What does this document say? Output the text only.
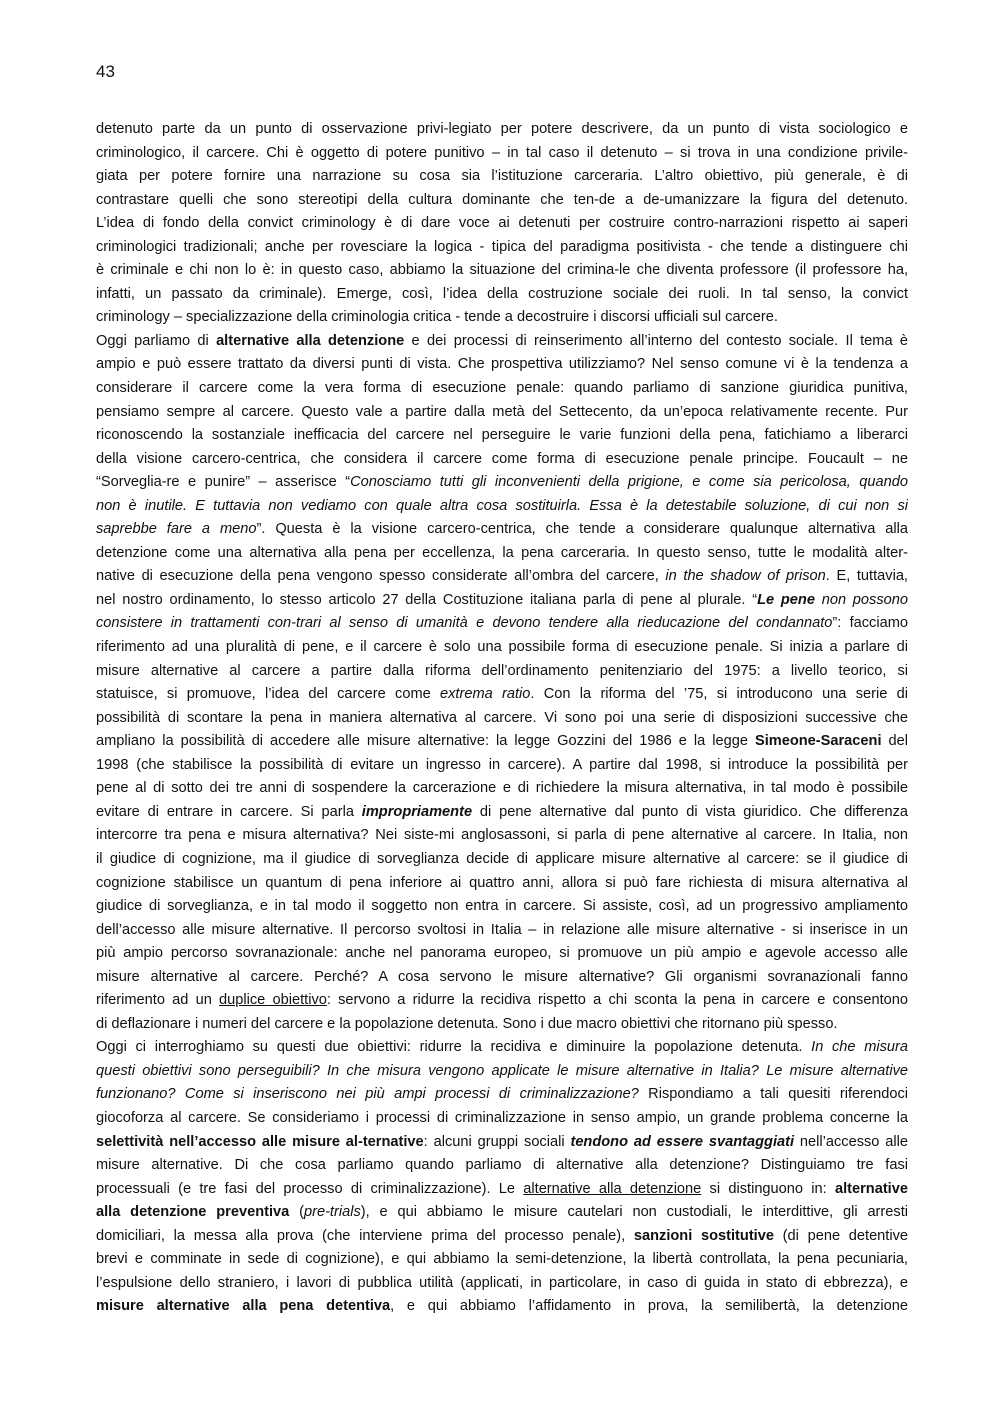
43
detenuto parte da un punto di osservazione privi-legiato per potere descrivere, da un punto di vista sociologico e
criminologico, il carcere. Chi è oggetto di potere punitivo – in tal caso il detenuto – si trova in una condizione privile-
giata per potere fornire una narrazione su cosa sia l’istituzione carceraria. L’altro obiettivo, più generale, è di
contrastare quelli che sono stereotipi della cultura dominante che ten-de a de-umanizzare la figura del detenuto.
L’idea di fondo della convict criminology è di dare voce ai detenuti per costruire contro-narrazioni rispetto ai saperi
criminologici tradizionali; anche per rovesciare la logica - tipica del paradigma positivista - che tende a distinguere chi
è criminale e chi non lo è: in questo caso, abbiamo la situazione del crimina-le che diventa professore (il professore ha,
infatti, un passato da criminale). Emerge, così, l’idea della costruzione sociale dei ruoli. In tal senso, la convict
criminology – specializzazione della criminologia critica - tende a decostruire i discorsi ufficiali sul carcere.
Oggi parliamo di alternative alla detenzione e dei processi di reinserimento all’interno del contesto sociale. Il tema è
ampio e può essere trattato da diversi punti di vista. Che prospettiva utilizziamo? Nel senso comune vi è la tendenza a
considerare il carcere come la vera forma di esecuzione penale: quando parliamo di sanzione giuridica punitiva,
pensiamo sempre al carcere. Questo vale a partire dalla metà del Settecento, da un’epoca relativamente recente. Pur
riconoscendo la sostanziale inefficacia del carcere nel perseguire le varie funzioni della pena, fatichiamo a liberarci
della visione carcero-centrica, che considera il carcere come forma di esecuzione penale principe. Foucault – ne
“Sorveglia-re e punire” – asserisce “Conosciamo tutti gli inconvenienti della prigione, e come sia pericolosa, quando
non è inutile. E tuttavia non vediamo con quale altra cosa sostituirla. Essa è la detestabile soluzione, di cui non si
saprebbe fare a meno”. Questa è la visione carcero-centrica, che tende a considerare qualunque alternativa alla
detenzione come una alternativa alla pena per eccellenza, la pena carceraria. In questo senso, tutte le modalità alter-
native di esecuzione della pena vengono spesso considerate all’ombra del carcere, in the shadow of prison. E, tuttavia,
nel nostro ordinamento, lo stesso articolo 27 della Costituzione italiana parla di pene al plurale. “Le pene non possono
consistere in trattamenti con-trari al senso di umanità e devono tendere alla rieducazione del condannato”: facciamo
riferimento ad una pluralità di pene, e il carcere è solo una possibile forma di esecuzione penale. Si inizia a parlare di
misure alternative al carcere a partire dalla riforma dell’ordinamento penitenziario del 1975: a livello teorico, si
statuisce, si promuove, l’idea del carcere come extrema ratio. Con la riforma del ’75, si introducono una serie di
possibilità di scontare la pena in maniera alternativa al carcere. Vi sono poi una serie di disposizioni successive che
ampliano la possibilità di accedere alle misure alternative: la legge Gozzini del 1986 e la legge Simeone-Saraceni del
1998 (che stabilisce la possibilità di evitare un ingresso in carcere). A partire dal 1998, si introduce la possibilità per
pene al di sotto dei tre anni di sospendere la carcerazione e di richiedere la misura alternativa, in tal modo è possibile
evitare di entrare in carcere. Si parla impropriamente di pene alternative dal punto di vista giuridico. Che differenza
intercorre tra pena e misura alternativa? Nei siste-mi anglosassoni, si parla di pene alternative al carcere. In Italia, non
il giudice di cognizione, ma il giudice di sorveglianza decide di applicare misure alternative al carcere: se il giudice di
cognizione stabilisce un quantum di pena inferiore ai quattro anni, allora si può fare richiesta di misura alternativa al
giudice di sorveglianza, e in tal modo il soggetto non entra in carcere. Si assiste, così, ad un progressivo ampliamento
dell’accesso alle misure alternative. Il percorso svoltosi in Italia – in relazione alle misure alternative - si inserisce in un
più ampio percorso sovranazionale: anche nel panorama europeo, si promuove un più ampio e agevole accesso alle
misure alternative al carcere. Perché? A cosa servono le misure alternative? Gli organismi sovranazionali fanno
riferimento ad un duplice obiettivo: servono a ridurre la recidiva rispetto a chi sconta la pena in carcere e consentono
di deflazionare i numeri del carcere e la popolazione detenuta. Sono i due macro obiettivi che ritornano più spesso.
Oggi ci interroghiamo su questi due obiettivi: ridurre la recidiva e diminuire la popolazione detenuta. In che misura
questi obiettivi sono perseguibili? In che misura vengono applicate le misure alternative in Italia? Le misure alternative
funzionano? Come si inseriscono nei più ampi processi di criminalizzazione? Rispondiamo a tali quesiti riferendoci
giocoforza al carcere. Se consideriamo i processi di criminalizzazione in senso ampio, un grande problema concerne la
selettività nell’accesso alle misure al-ternative: alcuni gruppi sociali tendono ad essere svantaggiati nell’accesso alle
misure alternative. Di che cosa parliamo quando parliamo di alternative alla detenzione? Distinguiamo tre fasi
processuali (e tre fasi del processo di criminalizzazione). Le alternative alla detenzione si distinguono in: alternative
alla detenzione preventiva (pre-trials), e qui abbiamo le misure cautelari non custodiali, le interdittive, gli arresti
domiciliari, la messa alla prova (che interviene prima del processo penale), sanzioni sostitutive (di pene detentive
brevi e comminate in sede di cognizione), e qui abbiamo la semi-detenzione, la libertà controllata, la pena pecuniaria,
l’espulsione dello straniero, i lavori di pubblica utilità (applicati, in particolare, in caso di guida in stato di ebbrezza), e
misure alternative alla pena detentiva, e qui abbiamo l’affidamento in prova, la semilibertà, la detenzione
